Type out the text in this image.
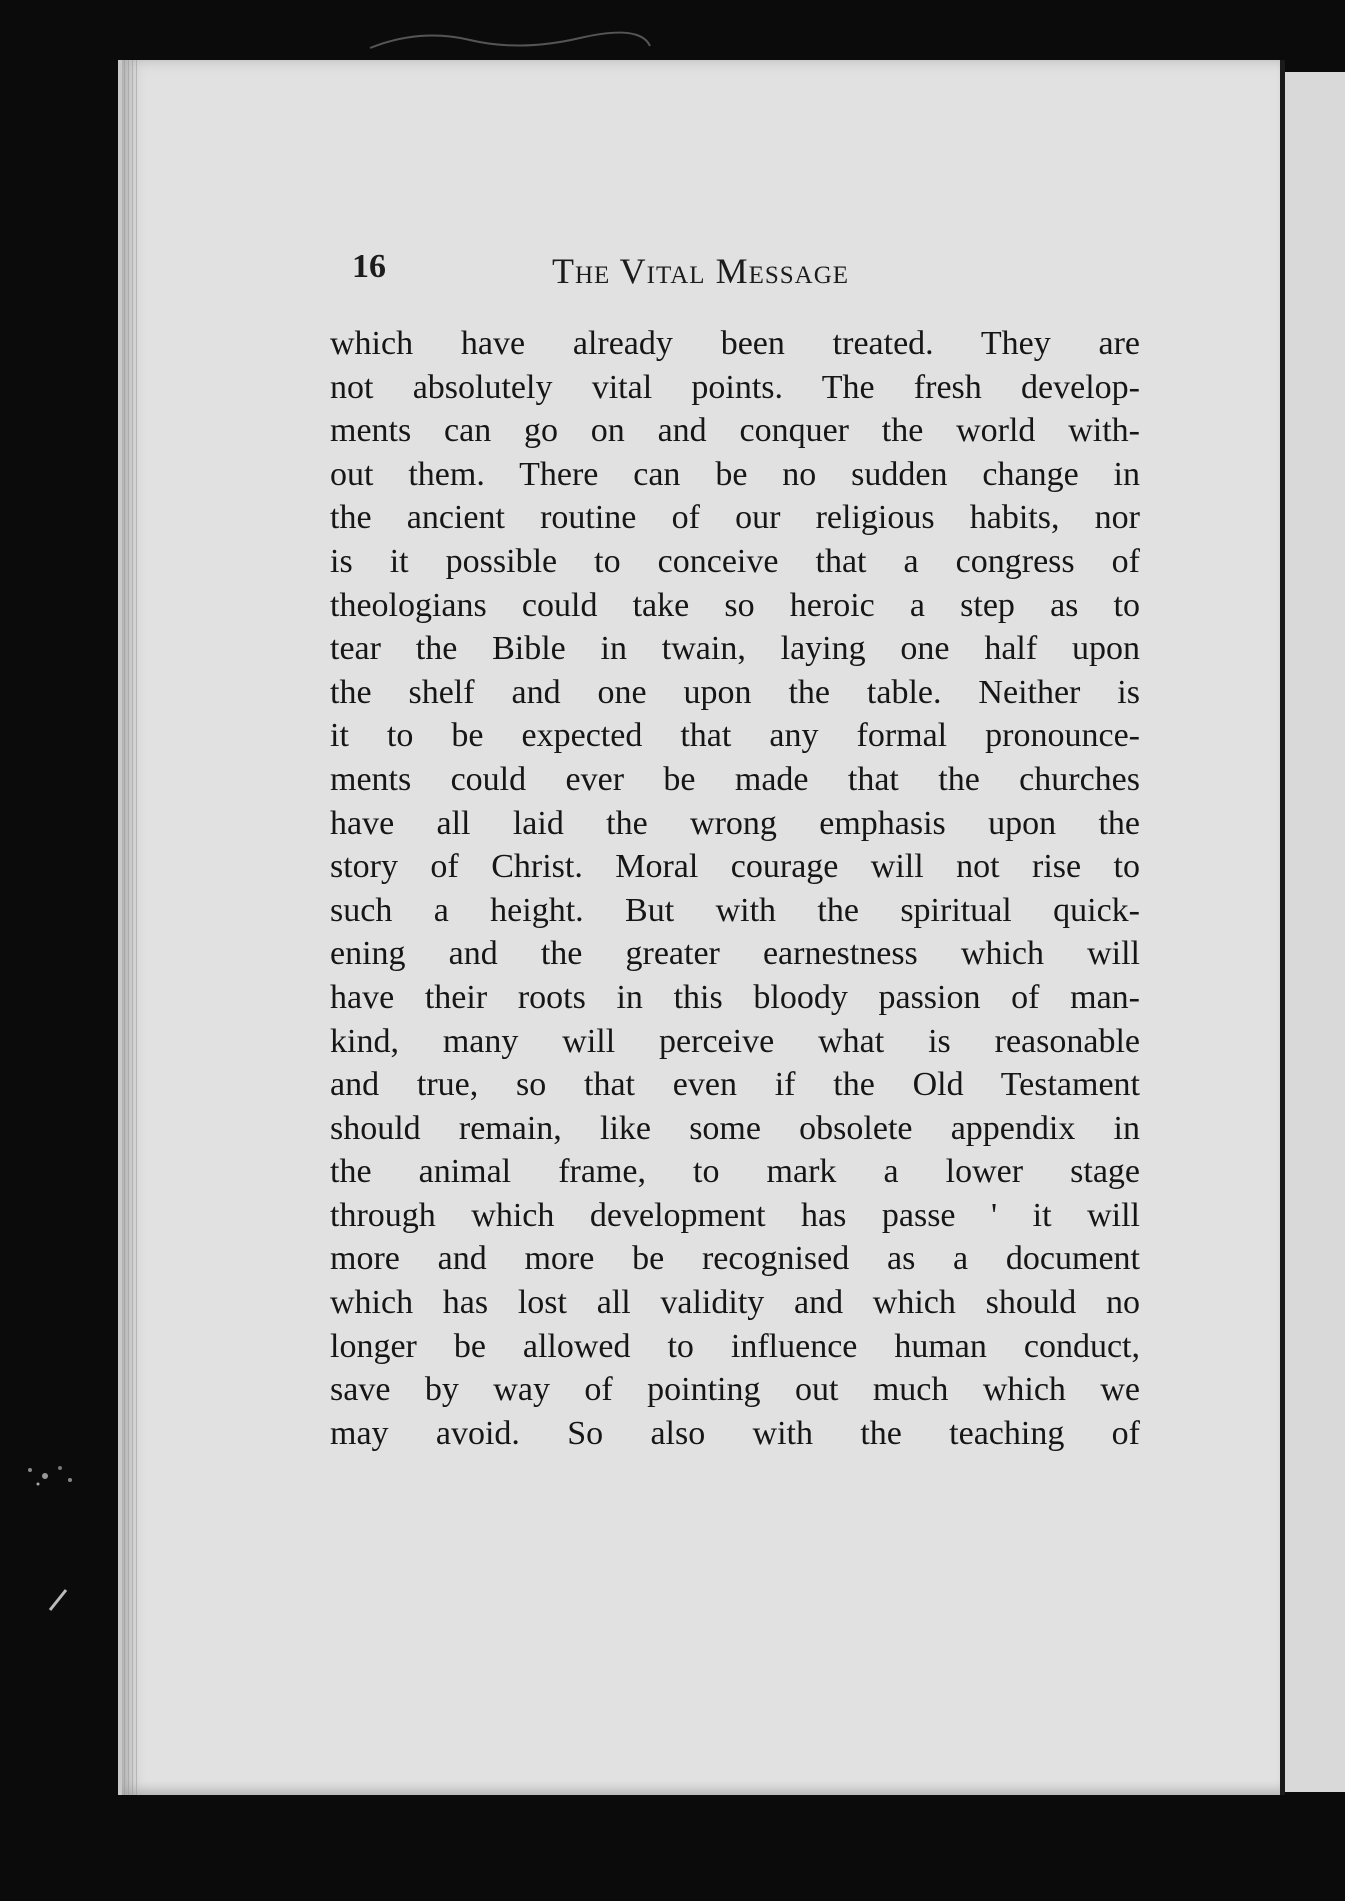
16	The Vital Message
which have already been treated. They are
not absolutely vital points. The fresh develop-
ments can go on and conquer the world with-
out them. There can be no sudden change in
the ancient routine of our religious habits, nor
is it possible to conceive that a congress of
theologians could take so heroic a step as to
tear the Bible in twain, laying one half upon
the shelf and one upon the table. Neither is
it to be expected that any formal pronounce-
ments could ever be made that the churches
have all laid the wrong emphasis upon the
story of Christ. Moral courage will not rise to
such a height. But with the spiritual quick-
ening and the greater earnestness which will
have their roots in this bloody passion of man-
kind, many will perceive what is reasonable
and true, so that even if the Old Testament
should remain, like some obsolete appendix in
the animal frame, to mark a lower stage
through which development has passe ' it will
more and more be recognised as a document
which has lost all validity and which should no
longer be allowed to influence human conduct,
save by way of pointing out much which we
may avoid. So also with the teaching of
